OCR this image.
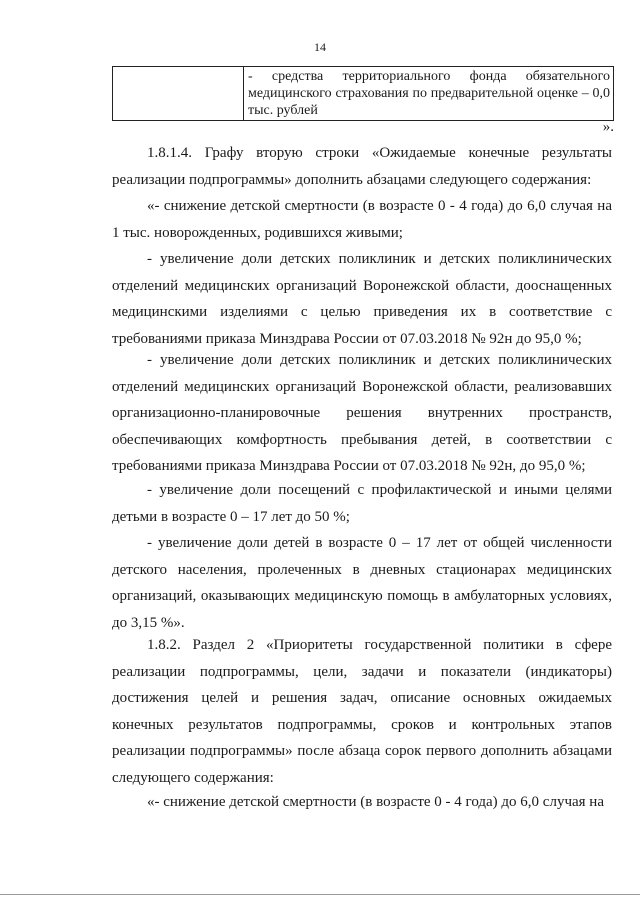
14
	- средства территориального фонда обязательного медицинского страхования по предварительной оценке – 0,0 тыс. рублей
».

1.8.1.4. Графу вторую строки «Ожидаемые конечные результаты реализации подпрограммы» дополнить абзацами следующего содержания:

«- снижение детской смертности (в возрасте 0 - 4 года) до 6,0 случая на 1 тыс. новорожденных, родившихся живыми;

- увеличение доли детских поликлиник и детских поликлинических отделений медицинских организаций Воронежской области, дооснащенных медицинскими изделиями с целью приведения их в соответствие с требованиями приказа Минздрава России от 07.03.2018 № 92н до 95,0 %;

- увеличение доли детских поликлиник и детских поликлинических отделений медицинских организаций Воронежской области, реализовавших организационно-планировочные решения внутренних пространств, обеспечивающих комфортность пребывания детей, в соответствии с требованиями приказа Минздрава России от 07.03.2018 № 92н, до 95,0 %;

- увеличение доли посещений с профилактической и иными целями детьми в возрасте 0 – 17 лет до 50 %;

- увеличение доли детей в возрасте 0 – 17 лет от общей численности детского населения, пролеченных в дневных стационарах медицинских организаций, оказывающих медицинскую помощь в амбулаторных условиях, до 3,15 %».

1.8.2. Раздел 2 «Приоритеты государственной политики в сфере реализации подпрограммы, цели, задачи и показатели (индикаторы) достижения целей и решения задач, описание основных ожидаемых конечных результатов подпрограммы, сроков и контрольных этапов реализации подпрограммы» после абзаца сорок первого дополнить абзацами следующего содержания:

«- снижение детской смертности (в возрасте 0 - 4 года) до 6,0 случая на
